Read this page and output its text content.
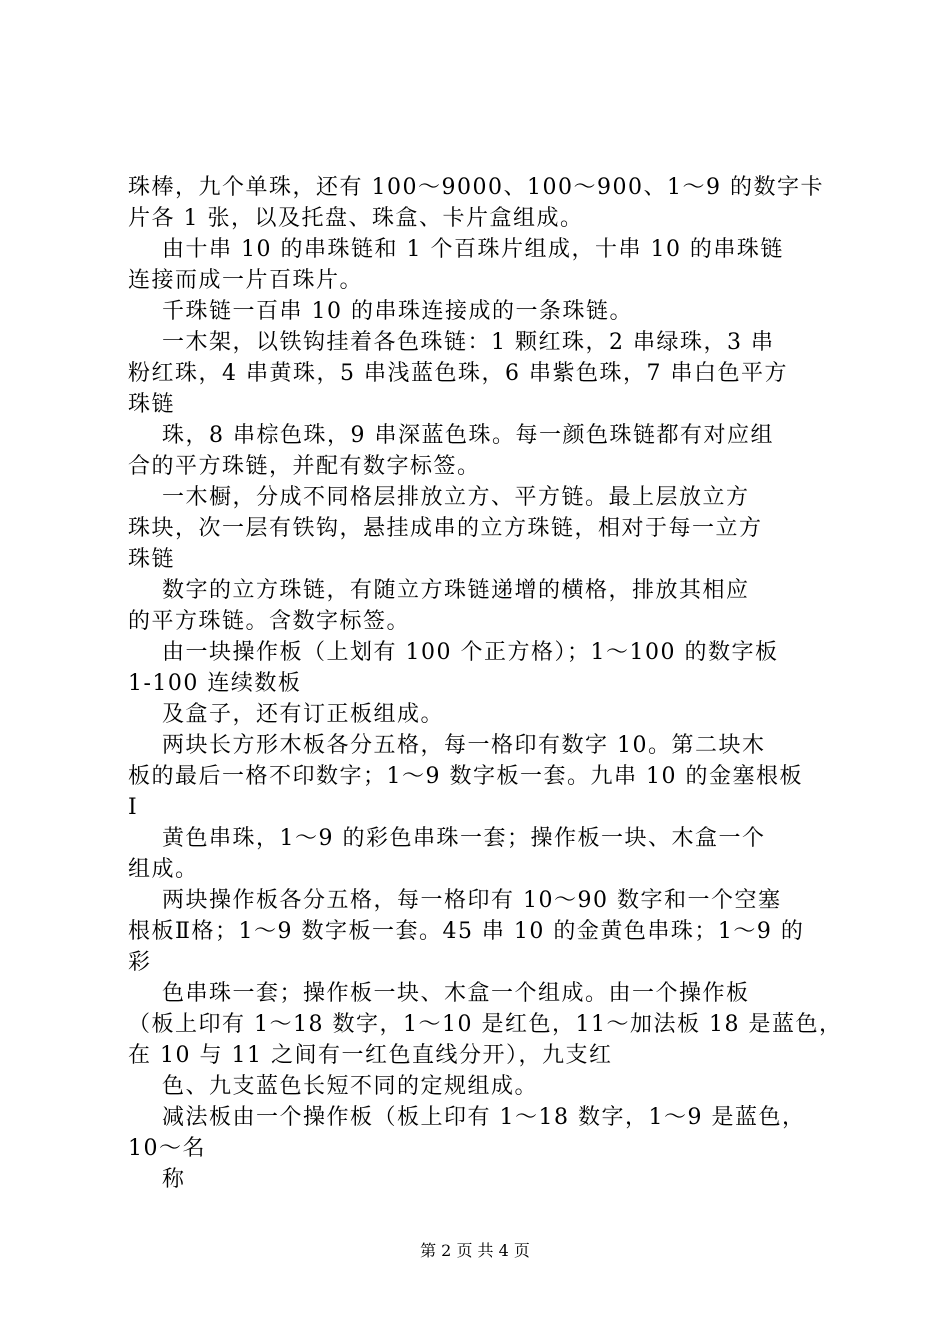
珠棒，九个单珠，还有 100～9000、100～900、1～9 的数字卡

片各 1 张，以及托盘、珠盒、卡片盒组成。

由十串 10 的串珠链和 1 个百珠片组成，十串 10 的串珠链

连接而成一片百珠片。

千珠链一百串 10 的串珠连接成的一条珠链。

一木架，以铁钩挂着各色珠链：1 颗红珠，2 串绿珠，3 串

粉红珠，4 串黄珠，5 串浅蓝色珠，6 串紫色珠，7 串白色平方

珠链

珠，8 串棕色珠，9 串深蓝色珠。每一颜色珠链都有对应组

合的平方珠链，并配有数字标签。

一木橱，分成不同格层排放立方、平方链。最上层放立方

珠块，次一层有铁钩，悬挂成串的立方珠链，相对于每一立方

珠链

数字的立方珠链，有随立方珠链递增的横格，排放其相应

的平方珠链。含数字标签。

由一块操作板（上划有 100 个正方格）；1～100 的数字板

1-100 连续数板

及盒子，还有订正板组成。

两块长方形木板各分五格，每一格印有数字 10。第二块木

板的最后一格不印数字；1～9 数字板一套。九串 10 的金塞根板

Ⅰ

黄色串珠，1～9 的彩色串珠一套；操作板一块、木盒一个

组成。

两块操作板各分五格，每一格印有 10～90 数字和一个空塞

根板Ⅱ格；1～9 数字板一套。45 串 10 的金黄色串珠；1～9 的

彩

色串珠一套；操作板一块、木盒一个组成。由一个操作板

（板上印有 1～18 数字，1～10 是红色，11～加法板 18 是蓝色，

在 10 与 11 之间有一红色直线分开），九支红

色、九支蓝色长短不同的定规组成。

减法板由一个操作板（板上印有 1～18 数字，1～9 是蓝色，

10～名

称

第 2 页 共 4 页
